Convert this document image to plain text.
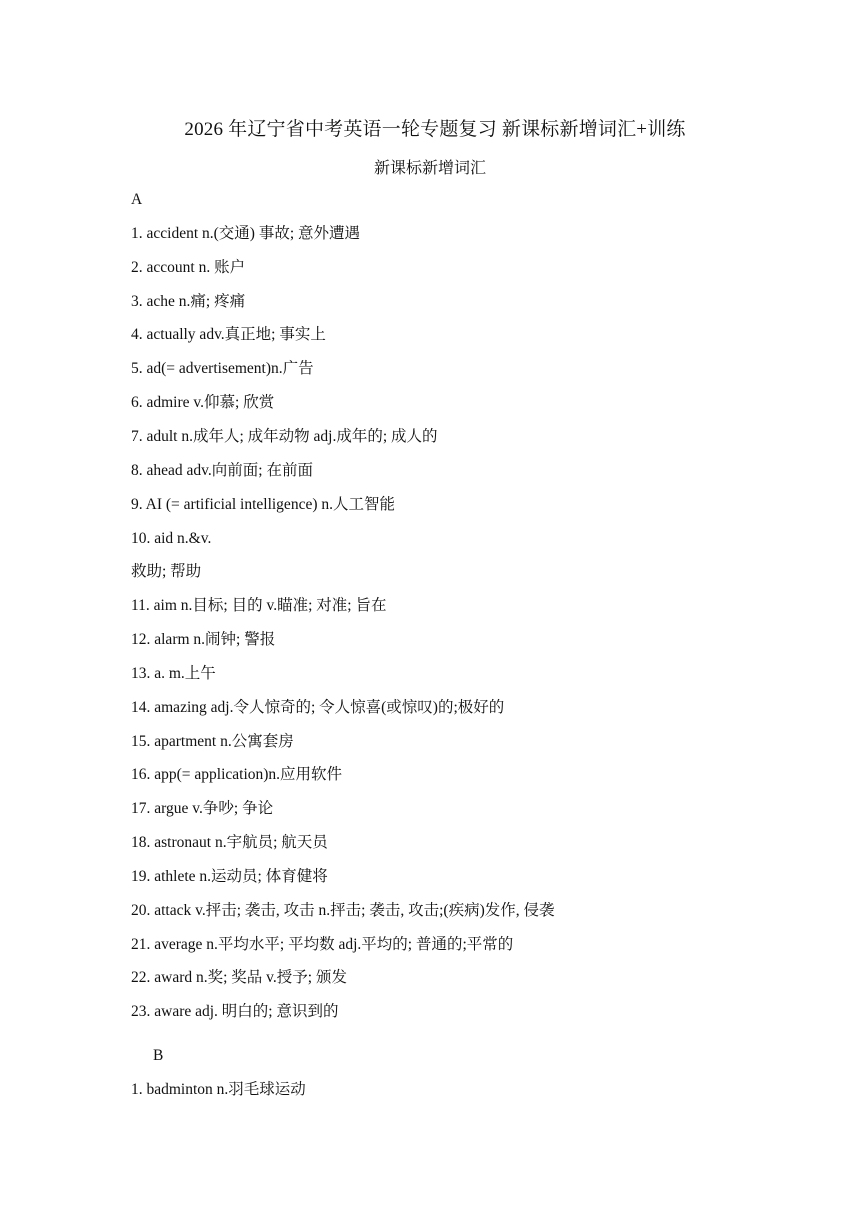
2026 年辽宁省中考英语一轮专题复习 新课标新增词汇+训练
新课标新增词汇
A
1. accident n.(交通) 事故; 意外遭遇
2. account n. 账户
3. ache n.痛; 疼痛
4. actually adv.真正地; 事实上
5. ad(= advertisement)n.广告
6. admire v.仰慕; 欣赏
7. adult n.成年人; 成年动物 adj.成年的; 成人的
8. ahead adv.向前面; 在前面
9. AI (= artificial intelligence) n.人工智能
10. aid n.&v.
救助; 帮助
11. aim n.目标; 目的 v.瞄准; 对准; 旨在
12. alarm n.闹钟; 警报
13. a. m.上午
14. amazing adj.令人惊奇的; 令人惊喜(或惊叹)的;极好的
15. apartment n.公寓套房
16. app(= application)n.应用软件
17. argue v.争吵; 争论
18. astronaut n.宇航员; 航天员
19. athlete n.运动员; 体育健将
20. attack v.抨击; 袭击, 攻击 n.抨击; 袭击, 攻击;(疾病)发作, 侵袭
21. average n.平均水平; 平均数 adj.平均的; 普通的;平常的
22. award n.奖; 奖品 v.授予; 颁发
23. aware adj. 明白的; 意识到的
B
1. badminton n.羽毛球运动
